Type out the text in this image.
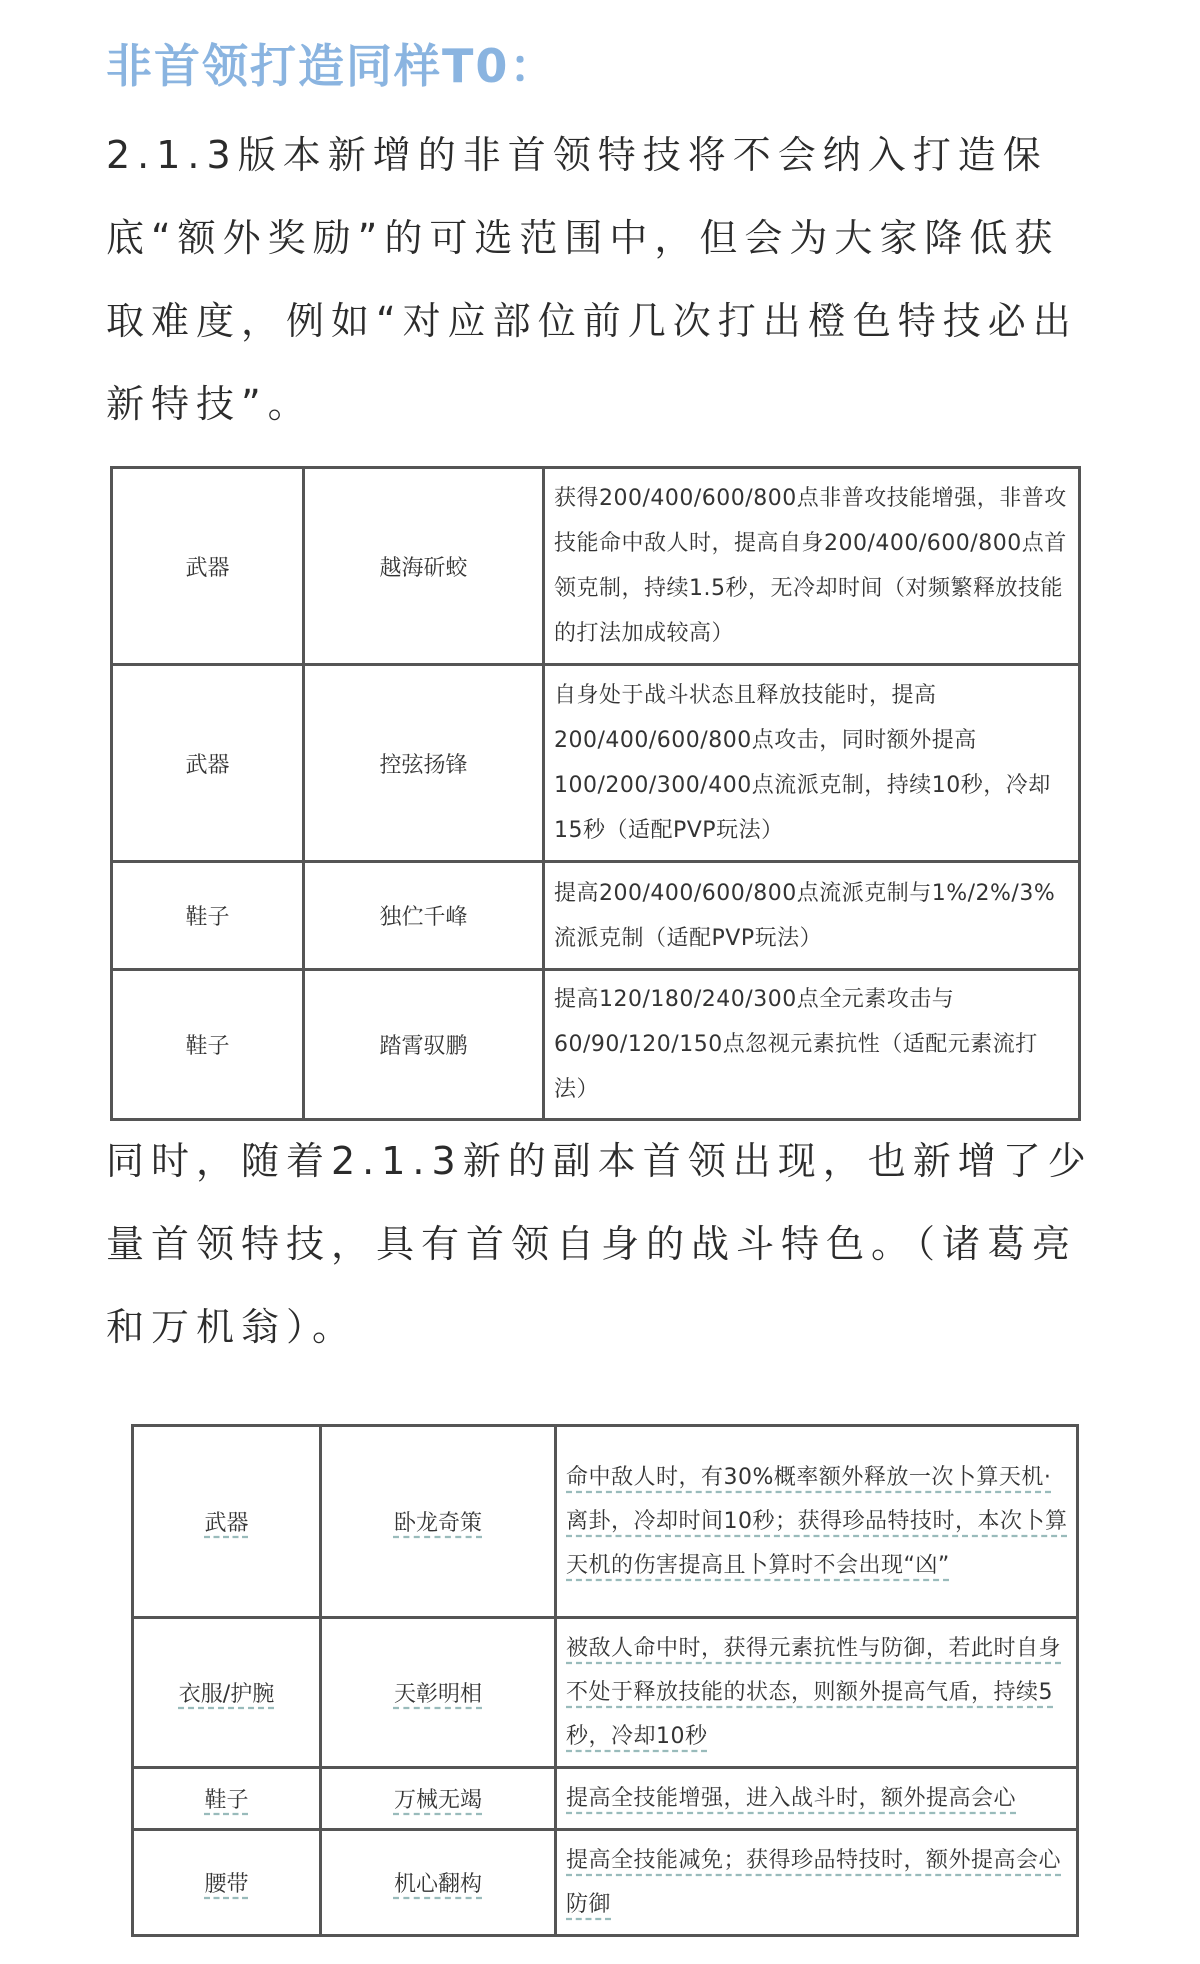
非首领打造同样T0：
2.1.3版本新增的非首领特技将不会纳入打造保底“额外奖励”的可选范围中，但会为大家降低获取难度，例如“对应部位前几次打出橙色特技必出新特技”。
武器	越海斫蛟	获得200/400/600/800点非普攻技能增强，非普攻技能命中敌人时，提高自身200/400/600/800点首领克制，持续1.5秒，无冷却时间（对频繁释放技能的打法加成较高）
武器	控弦扬锋	自身处于战斗状态且释放技能时，提高200/400/600/800点攻击，同时额外提高100/200/300/400点流派克制，持续10秒，冷却15秒（适配PVP玩法）
鞋子	独伫千峰	提高200/400/600/800点流派克制与1%/2%/3%流派克制（适配PVP玩法）
鞋子	踏霄驭鹏	提高120/180/240/300点全元素攻击与60/90/120/150点忽视元素抗性（适配元素流打法）
同时，随着2.1.3新的副本首领出现，也新增了少量首领特技，具有首领自身的战斗特色。（诸葛亮和万机翁）。
武器	卧龙奇策	命中敌人时，有30%概率额外释放一次卜算天机·离卦，冷却时间10秒；获得珍品特技时，本次卜算天机的伤害提高且卜算时不会出现“凶”
衣服/护腕	天彰明相	被敌人命中时，获得元素抗性与防御，若此时自身不处于释放技能的状态，则额外提高气盾，持续5秒，冷却10秒
鞋子	万械无竭	提高全技能增强，进入战斗时，额外提高会心
腰带	机心翻构	提高全技能减免；获得珍品特技时，额外提高会心防御
